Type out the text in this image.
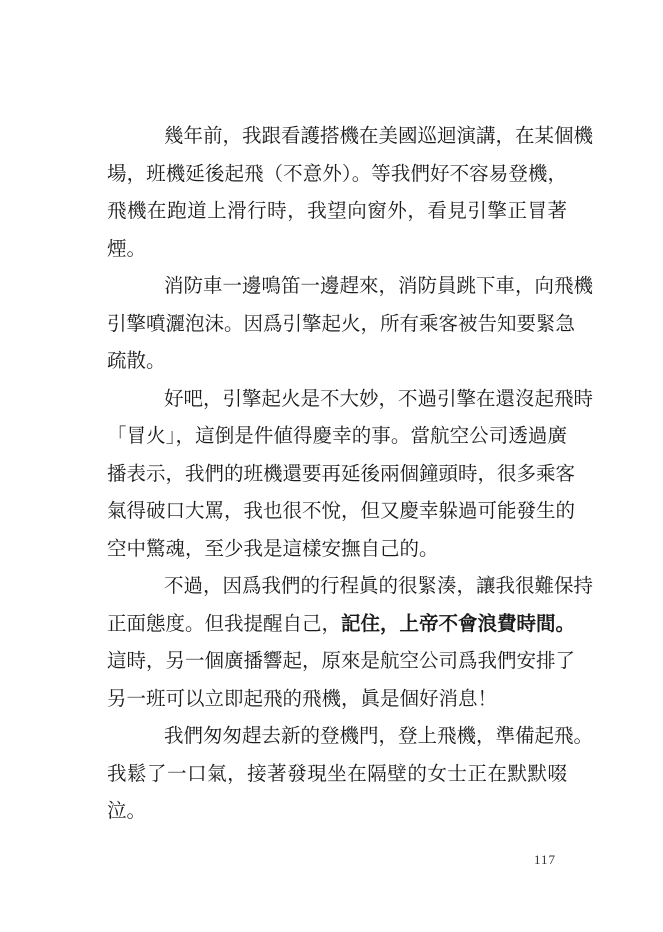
幾年前，我跟看護搭機在美國巡迴演講，在某個機
場，班機延後起飛（不意外）。等我們好不容易登機，
飛機在跑道上滑行時，我望向窗外，看見引擎正冒著
煙。
消防車一邊鳴笛一邊趕來，消防員跳下車，向飛機
引擎噴灑泡沫。因爲引擎起火，所有乘客被告知要緊急
疏散。
好吧，引擎起火是不大妙，不過引擎在還沒起飛時
「冒火」，這倒是件値得慶幸的事。當航空公司透過廣
播表示，我們的班機還要再延後兩個鐘頭時，很多乘客
氣得破口大罵，我也很不悅，但又慶幸躲過可能發生的
空中驚魂，至少我是這樣安撫自己的。
不過，因爲我們的行程眞的很緊湊，讓我很難保持
正面態度。但我提醒自己，記住，上帝不會浪費時間。
這時，另一個廣播響起，原來是航空公司爲我們安排了
另一班可以立即起飛的飛機，眞是個好消息！
我們匆匆趕去新的登機門，登上飛機，準備起飛。
我鬆了一口氣，接著發現坐在隔壁的女士正在默默啜
泣。
117
